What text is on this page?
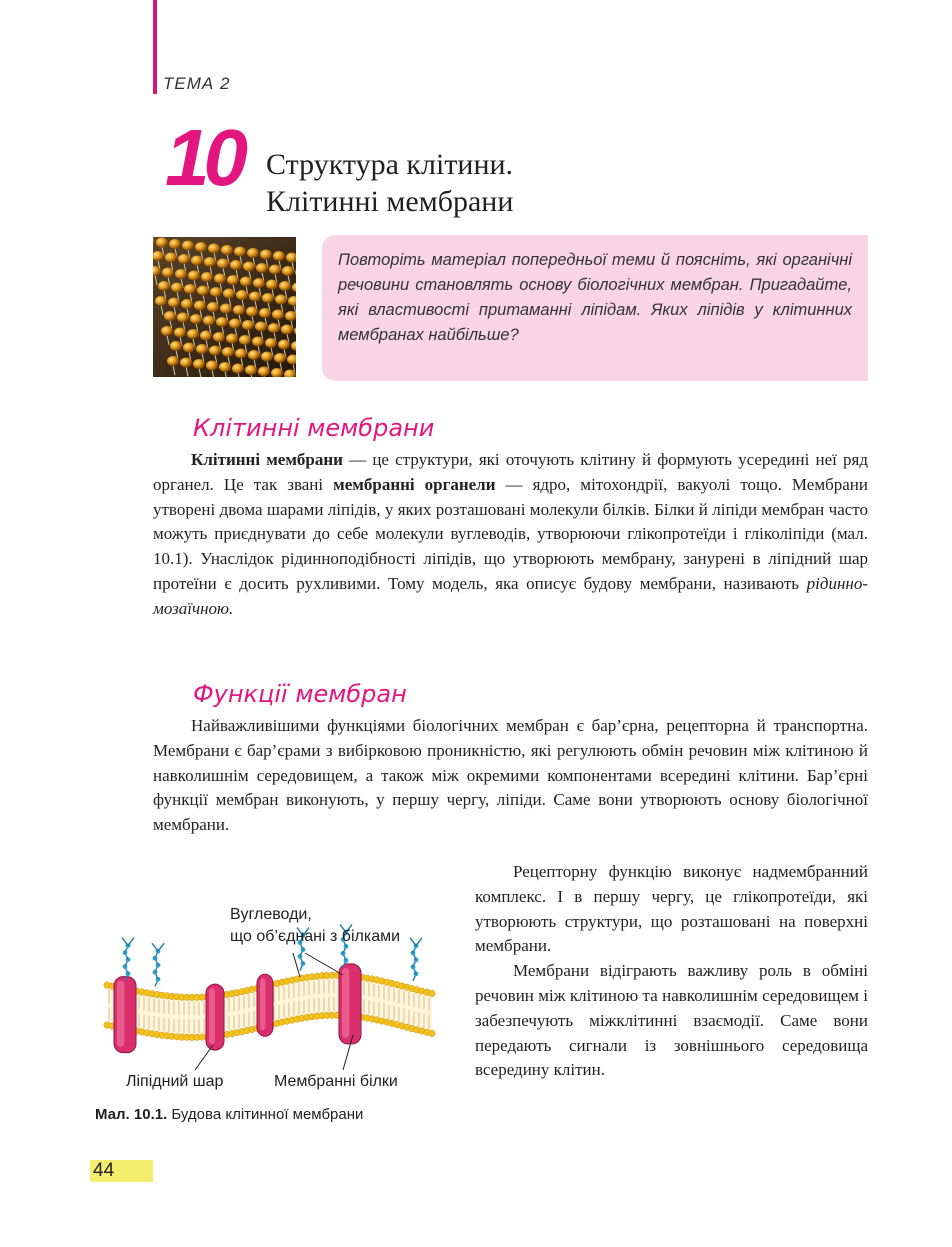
ТЕМА 2
10 Структура клітини.
Клітинні мембрани
Повторіть матеріал попередньої теми й поясніть, які органічні речовини становлять основу біологічних мембран. Пригадайте, які властивості притаманні ліпідам. Яких ліпідів у клітинних мембранах найбільше?
Клітинні мембрани

Клітинні мембрани — це структури, які оточують клітину й формують усередині неї ряд органел. Це так звані мембранні органели — ядро, мітохондрії, вакуолі тощо. Мембрани утворені двома шарами ліпідів, у яких розташовані молекули білків. Білки й ліпіди мембран часто можуть приєднувати до себе молекули вуглеводів, утворюючи глікопротеїди і гліколіпіди (мал. 10.1). Унаслідок рідинноподібності ліпідів, що утворюють мембрану, занурені в ліпідний шар протеїни є досить рухливими. Тому модель, яка описує будову мембрани, називають рідинно-мозаїчною.

Функції мембран

Найважливішими функціями біологічних мембран є бар’єрна, рецепторна й транспортна. Мембрани є бар’єрами з вибірковою проникністю, які регулюють обмін речовин між клітиною й навколишнім середовищем, а також між окремими компонентами всередині клітини. Бар’єрні функції мембран виконують, у першу чергу, ліпіди. Саме вони утворюють основу біологічної мембрани.

Рецепторну функцію виконує надмембранний комплекс. І в першу чергу, це глікопротеїди, які утворюють структури, що розташовані на поверхні мембрани.

Мембрани відіграють важливу роль в обміні речовин між клітиною та навколишнім середовищем і забезпечують міжклітинні взаємодії. Саме вони передають сигнали із зовнішнього середовища всередину клітин.

Вуглеводи,
що об’єднані з білками
Ліпідний шар	Мембранні білки
Мал. 10.1. Будова клітинної мембрани
44
